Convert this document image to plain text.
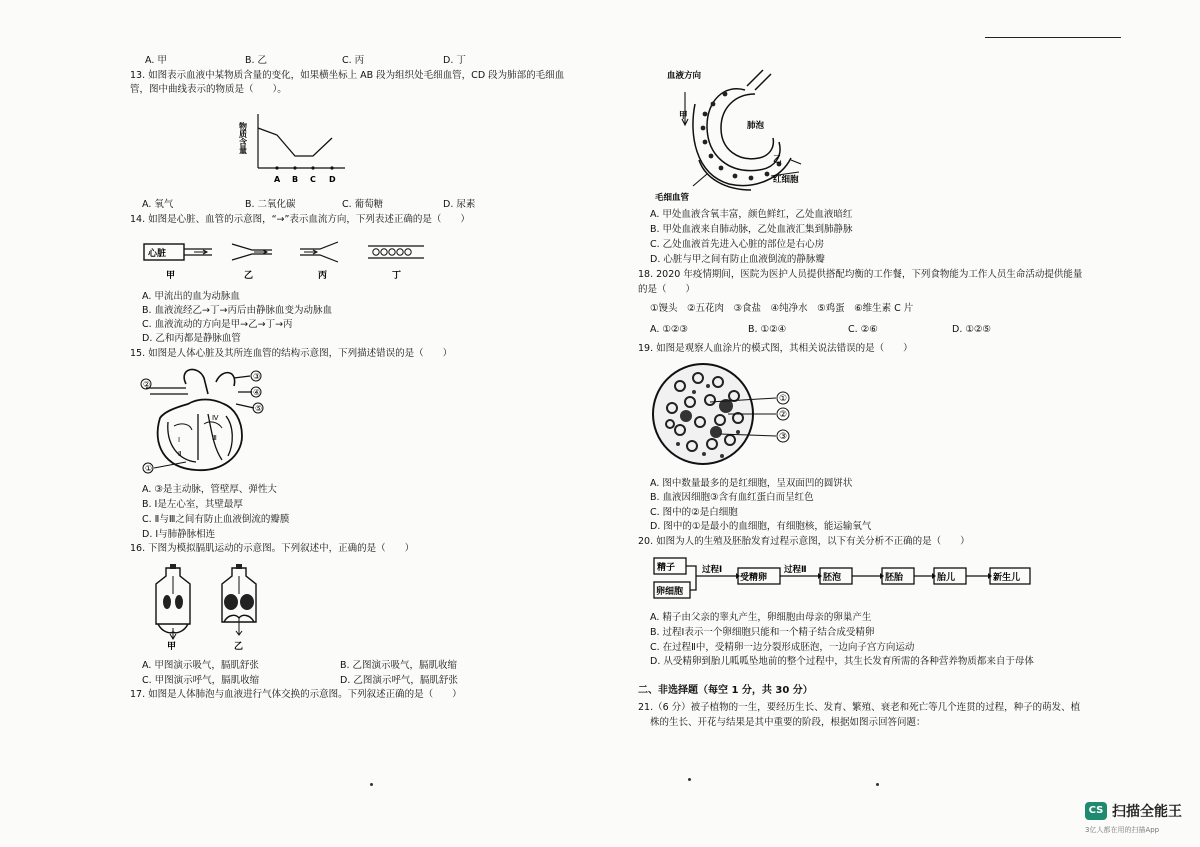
A. 甲	B. 乙	C. 丙	D. 丁
13. 如图表示血液中某物质含量的变化，如果横坐标上 AB 段为组织处毛细血管，CD 段为肺部的毛细血
管，图中曲线表示的物质是（　　）。
物质含量
A B C D
A. 氧气	B. 二氧化碳	C. 葡萄糖	D. 尿素
14. 如图是心脏、血管的示意图，“→”表示血流方向，下列表述正确的是（　　）
心脏
甲	乙	丙	丁
A. 甲流出的血为动脉血
B. 血液流经乙→丁→丙后由静脉血变为动脉血
C. 血液流动的方向是甲→乙→丁→丙
D. 乙和丙都是静脉血管
15. 如图是人体心脏及其所连血管的结构示意图，下列描述错误的是（　　）
②
④
③
⑤
①
Ⅰ
Ⅱ
Ⅲ
Ⅳ
A. ③是主动脉，管壁厚、弹性大
B. Ⅰ是左心室，其壁最厚
C. Ⅱ与Ⅲ之间有防止血液倒流的瓣膜
D. Ⅰ与肺静脉相连
16. 下图为模拟膈肌运动的示意图。下列叙述中，正确的是（　　）
甲	乙
A. 甲图演示吸气，膈肌舒张	B. 乙图演示吸气，膈肌收缩
C. 甲图演示呼气，膈肌收缩	D. 乙图演示呼气，膈肌舒张
17. 如图是人体肺泡与血液进行气体交换的示意图。下列叙述正确的是（　　）
血液方向
甲
肺泡
乙
红细胞
毛细血管
A. 甲处血液含氧丰富，颜色鲜红，乙处血液暗红
B. 甲处血液来自肺动脉，乙处血液汇集到肺静脉
C. 乙处血液首先进入心脏的部位是右心房
D. 心脏与甲之间有防止血液倒流的静脉瓣
18. 2020 年疫情期间，医院为医护人员提供搭配均衡的工作餐，下列食物能为工作人员生命活动提供能量
的是（　　）
①馒头　②五花肉　③食盐　④纯净水　⑤鸡蛋　⑥维生素 C 片
A. ①②③	B. ①②④	C. ②⑥	D. ①②⑤
19. 如图是观察人血涂片的模式图，其相关说法错误的是（　　）
①
②
③
A. 图中数量最多的是红细胞，呈双面凹的圆饼状
B. 血液因细胞③含有血红蛋白而呈红色
C. 图中的②是白细胞
D. 图中的①是最小的血细胞，有细胞核，能运输氧气
20. 如图为人的生殖及胚胎发育过程示意图，以下有关分析不正确的是（　　）
精子
卵细胞
过程Ⅰ
受精卵
过程Ⅱ
胚泡	胚胎	胎儿	新生儿
A. 精子由父亲的睾丸产生，卵细胞由母亲的卵巢产生
B. 过程Ⅰ表示一个卵细胞只能和一个精子结合成受精卵
C. 在过程Ⅱ中，受精卵一边分裂形成胚泡，一边向子宫方向运动
D. 从受精卵到胎儿呱呱坠地前的整个过程中，其生长发育所需的各种营养物质都来自于母体
二、非选择题（每空 1 分，共 30 分）
21.（6 分）被子植物的一生，要经历生长、发育、繁殖、衰老和死亡等几个连贯的过程，种子的萌发、植
株的生长、开花与结果是其中重要的阶段，根据如图示回答问题：
CS 扫描全能王
3亿人都在用的扫描App
